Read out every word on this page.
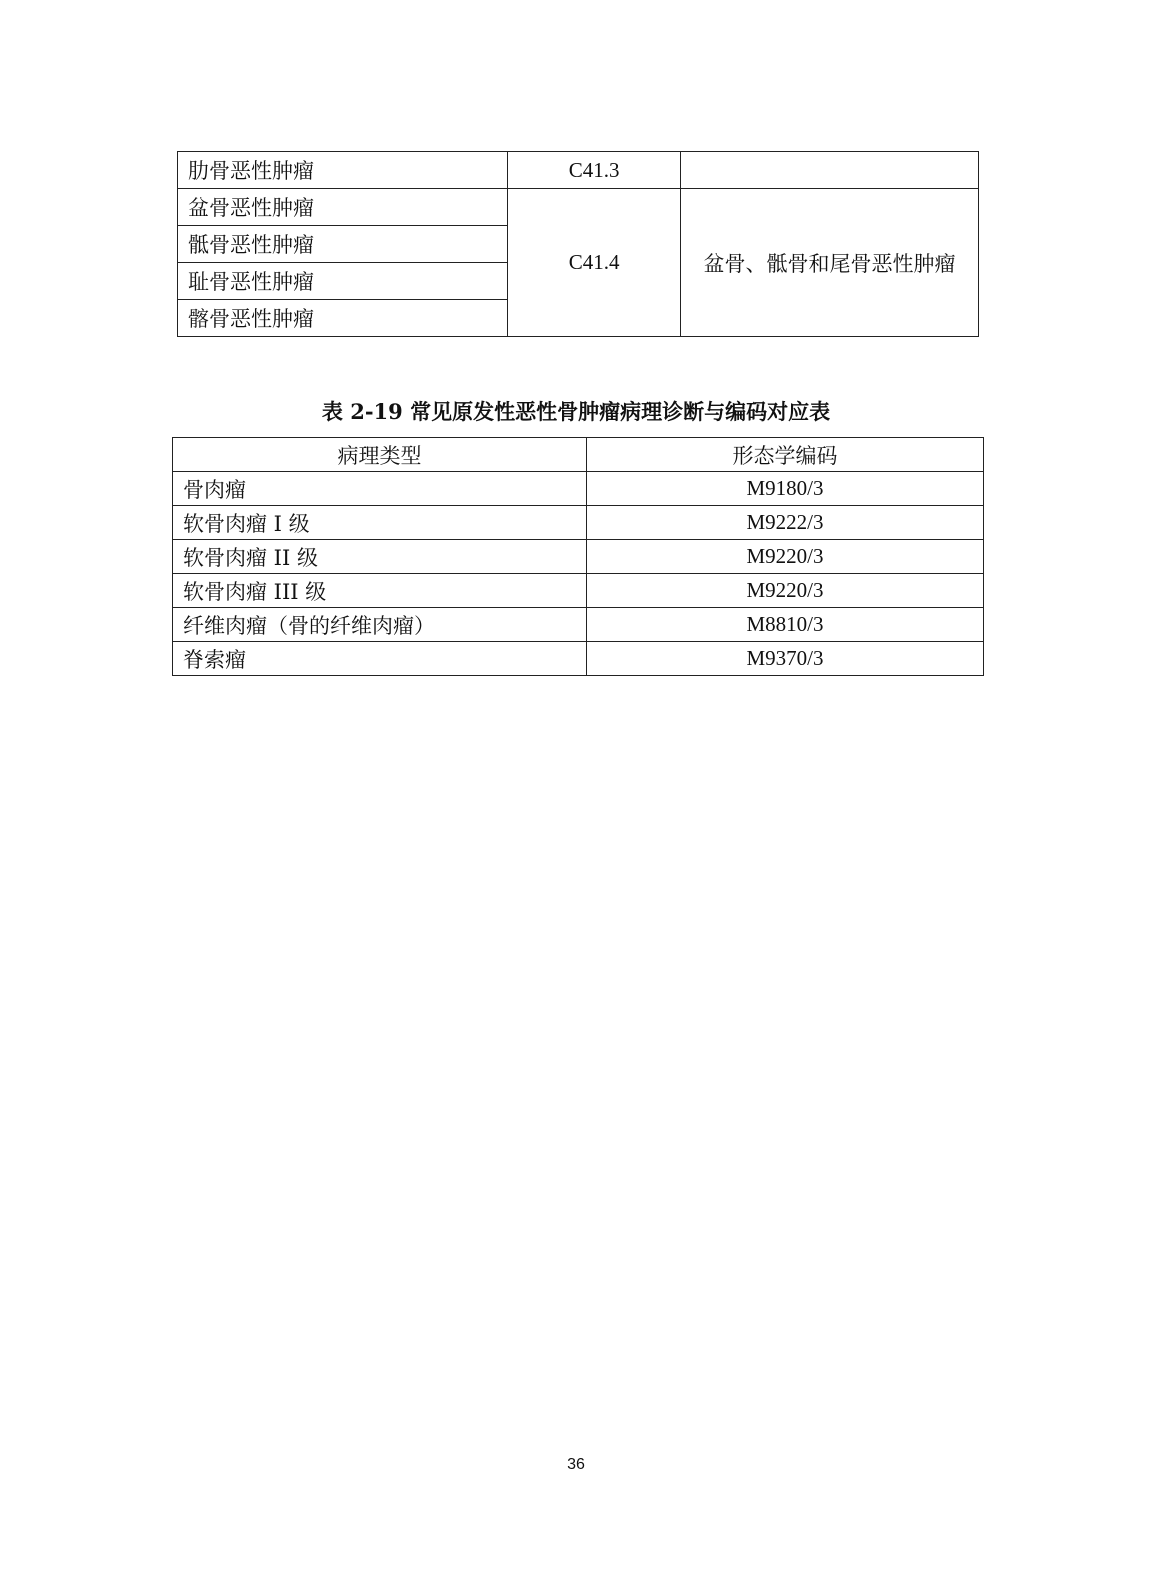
肋骨恶性肿瘤	C41.3	
盆骨恶性肿瘤	C41.4	盆骨、骶骨和尾骨恶性肿瘤
骶骨恶性肿瘤		
耻骨恶性肿瘤		
髂骨恶性肿瘤		
表 2-19 常见原发性恶性骨肿瘤病理诊断与编码对应表
病理类型	形态学编码
骨肉瘤	M9180/3
软骨肉瘤 I 级	M9222/3
软骨肉瘤 II 级	M9220/3
软骨肉瘤 III 级	M9220/3
纤维肉瘤（骨的纤维肉瘤）	M8810/3
脊索瘤	M9370/3
36
